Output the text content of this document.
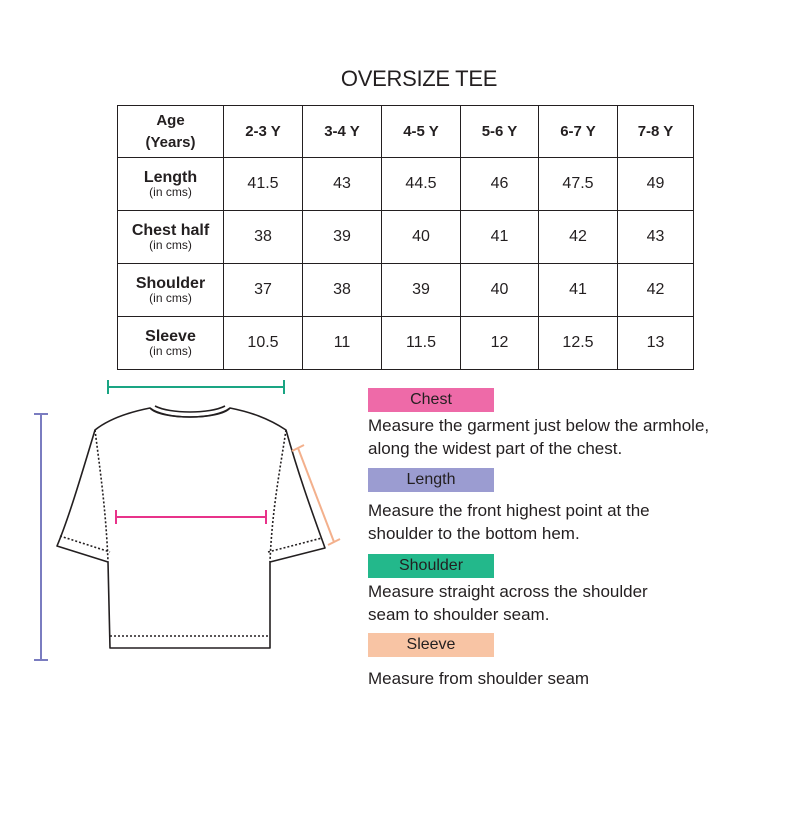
OVERSIZE TEE
Age
(Years)	2-3 Y	3-4 Y	4-5 Y	5-6 Y	6-7 Y	7-8 Y

Length
(in cms)	41.5	43	44.5	46	47.5	49

Chest half
(in cms)	38	39	40	41	42	43

Shoulder
(in cms)	37	38	39	40	41	42

Sleeve
(in cms)	10.5	11	11.5	12	12.5	13
Chest
Measure the garment just below the armhole,
along the widest part of the chest.
Length
Measure the front highest point at the
shoulder to the bottom hem.
Shoulder
Measure straight across the shoulder
seam to shoulder seam.
Sleeve
Measure from shoulder seam
